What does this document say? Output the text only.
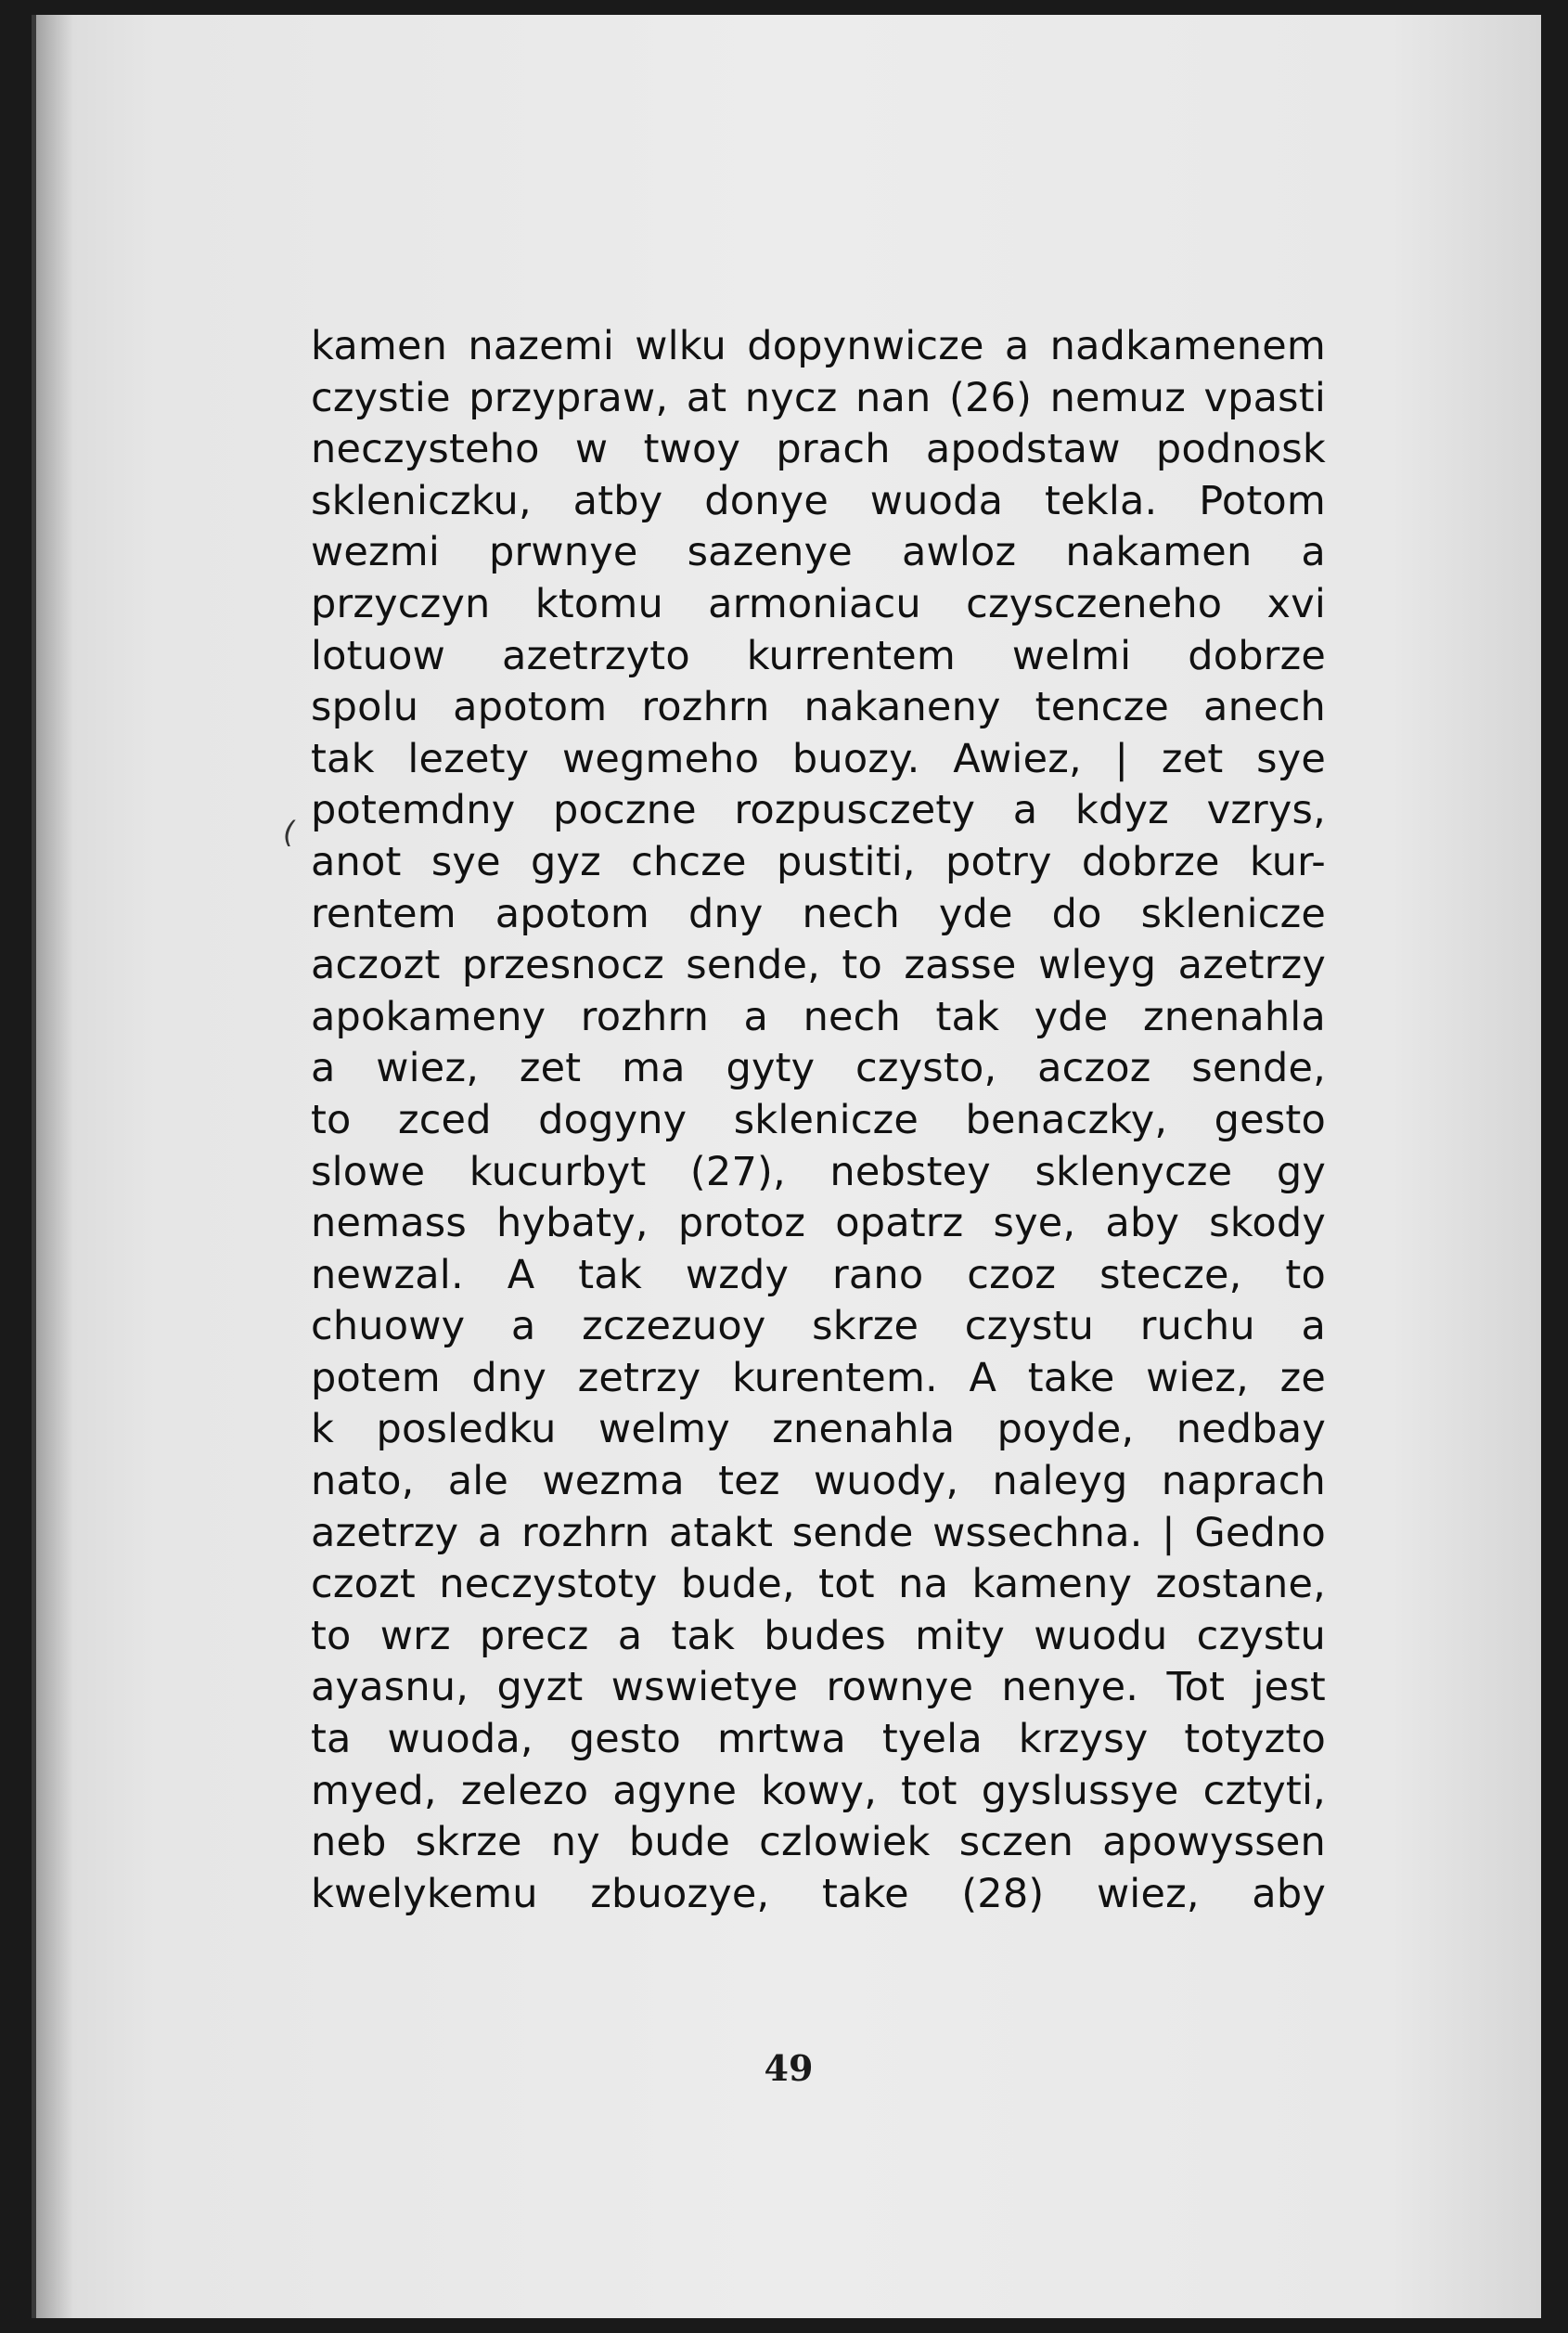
(
kamen nazemi wlku dopynwicze a nadkamenem
czystie przypraw, at nycz nan (26) nemuz vpasti
neczysteho w twoy prach apodstaw podnosk
skleniczku, atby donye wuoda tekla. Potom
wezmi prwnye sazenye awloz nakamen a
przyczyn ktomu armoniacu czysczeneho xvi
lotuow azetrzyto kurrentem welmi dobrze
spolu apotom rozhrn nakaneny tencze anech
tak lezety wegmeho buozy. Awiez, | zet sye
potemdny pocznе rozpusczety a kdyz vzrys,
anot sye gyz chcze pustiti, potry dobrze kur-
rentem apotom dny nech yde do sklenicze
aczozt przesnocz sende, to zasse wleyg azetrzy
apokameny rozhrn a nech tak yde znenahla
a wiez, zet ma gyty czysto, aczoz sende,
to zced dogyny sklenicze benaczky, gesto
slowe kucurbyt (27), nebstey sklenycze gy
nemass hybaty, protoz opatrz sye, aby skody
newzal. A tak wzdy rano czoz stecze, to
chuowy a zczezuoy skrze czystu ruchu a
potem dny zetrzy kurentem. A take wiez, ze
k posledku welmy znenahla poyde, nedbay
nato, ale wezma tez wuody, naleyg naprach
azetrzy a rozhrn atakt sende wssechna. | Gedno
czozt neczystoty bude, tot na kameny zostane,
to wrz precz a tak budes mity wuodu czystu
ayasnu, gyzt wswietye rownye nenye. Tot jest
ta wuoda, gesto mrtwa tyela krzysy totyzto
myed, zelezo agyne kowy, tot gyslussye cztyti,
neb skrze ny bude czlowiek sczen apowyssen
kwelykemu zbuozye, take (28) wiez, aby
49
